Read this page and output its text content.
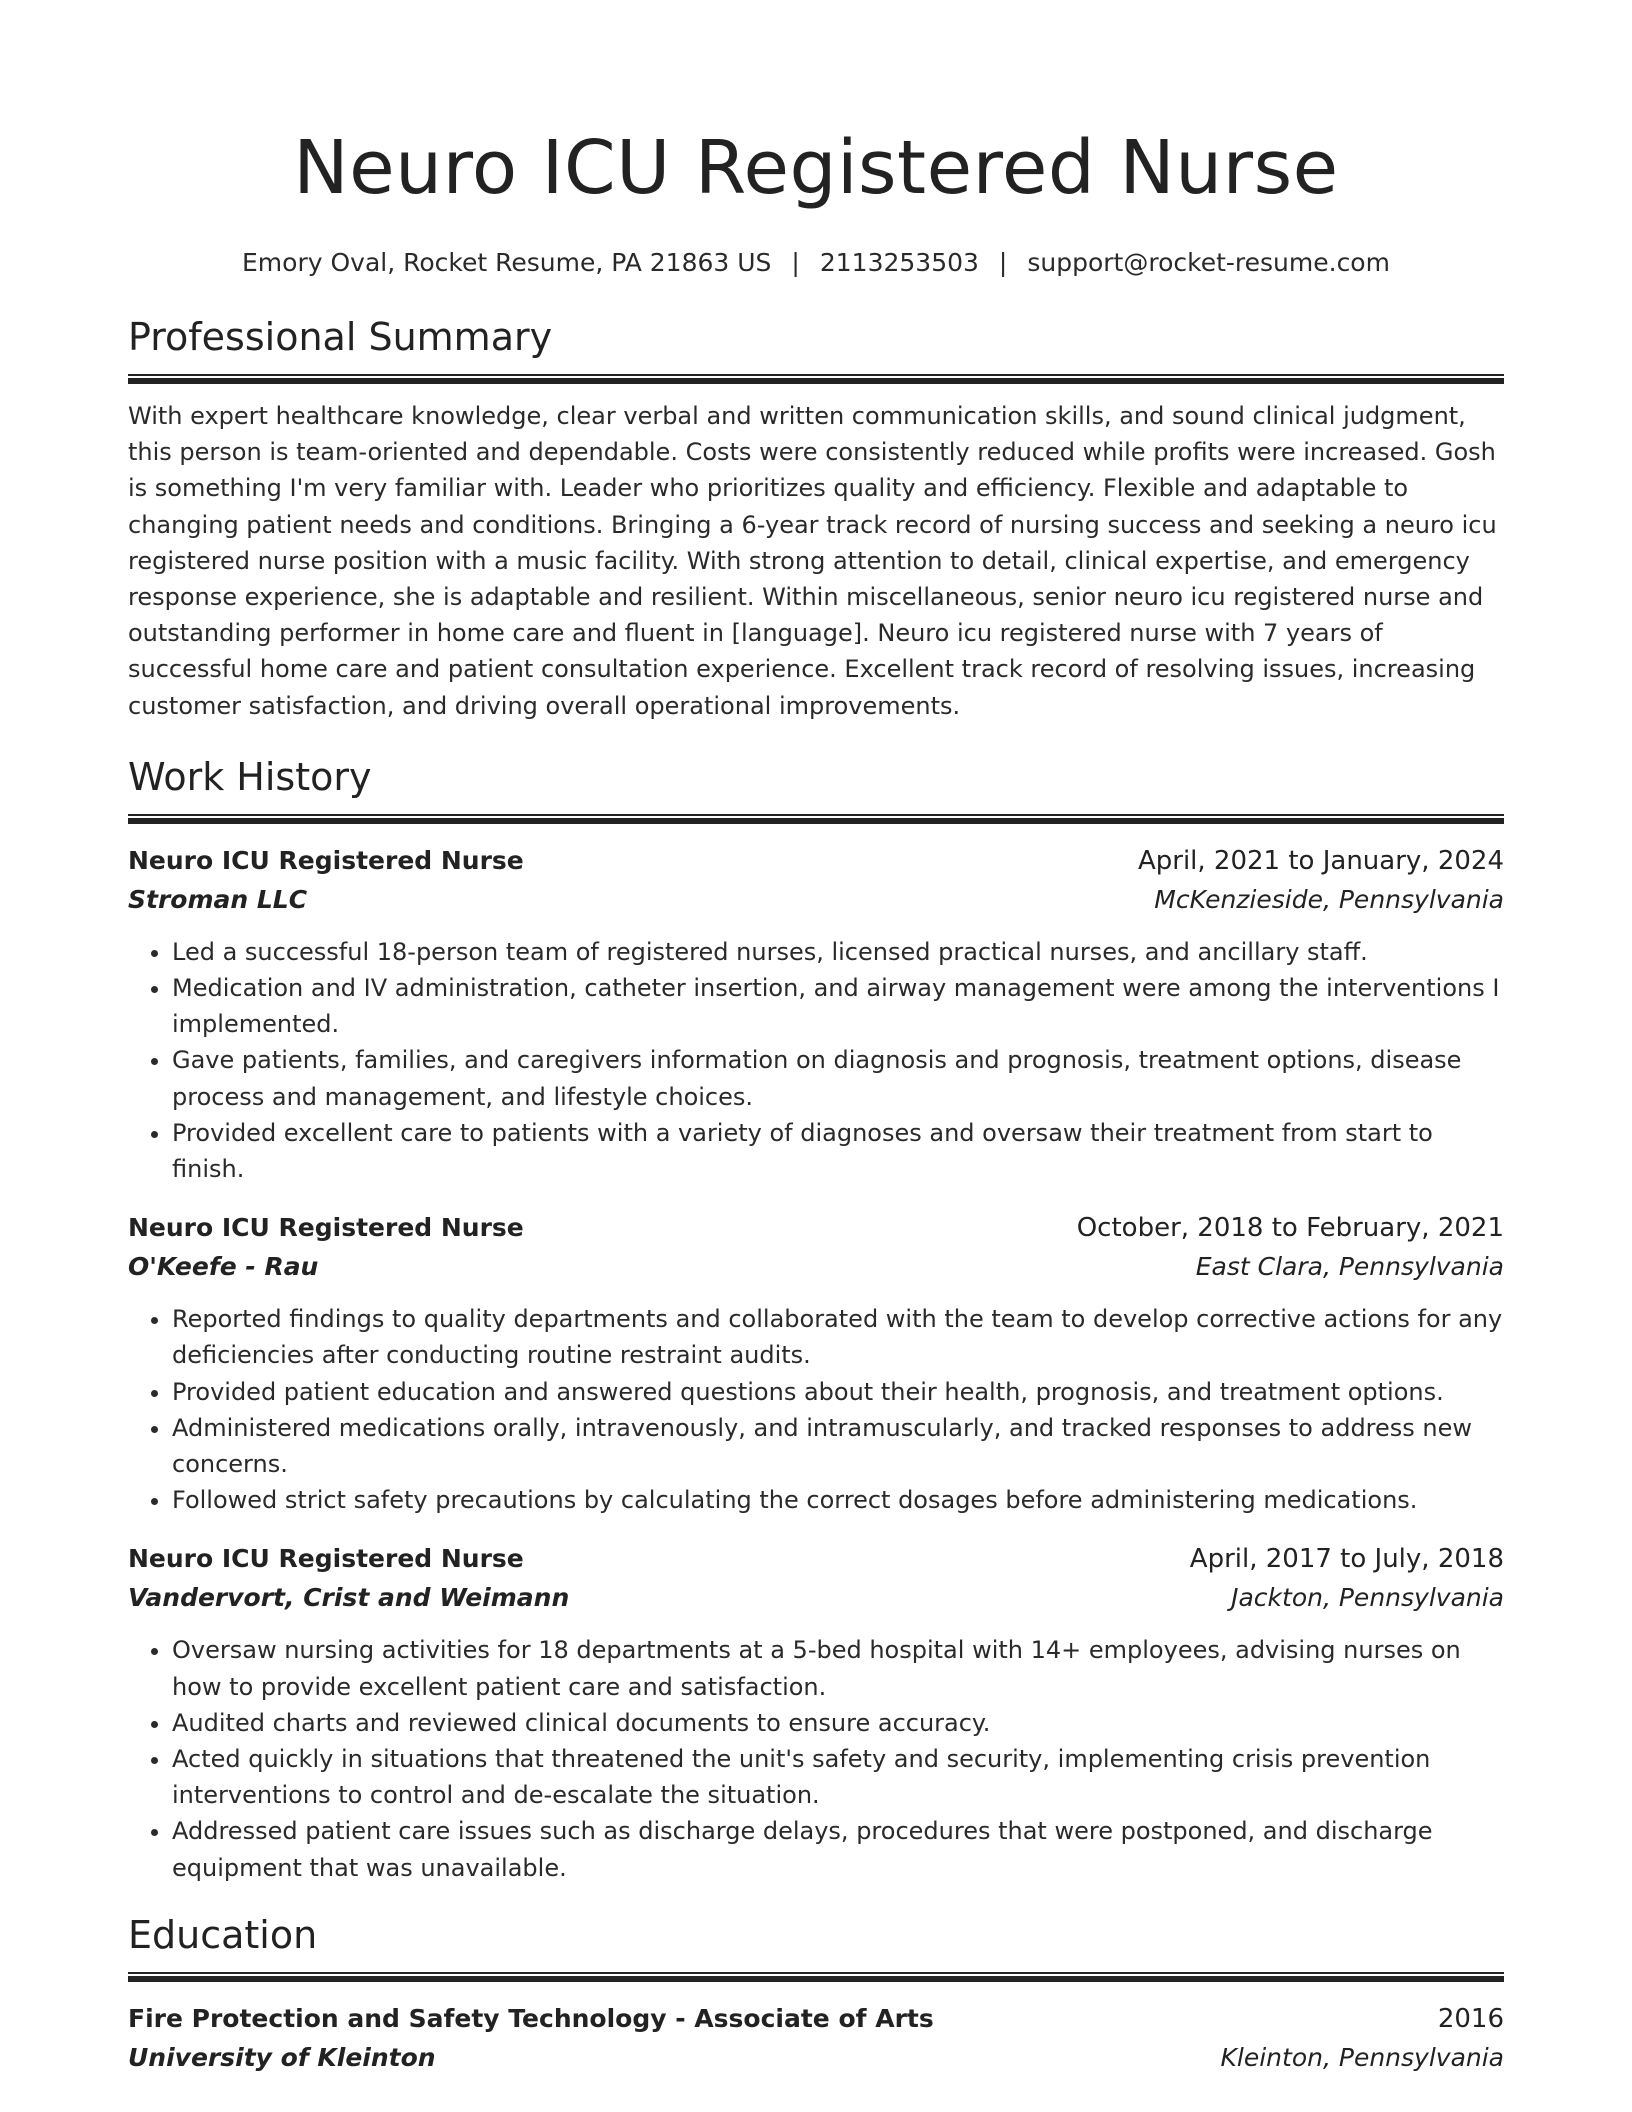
Neuro ICU Registered Nurse
Emory Oval, Rocket Resume, PA 21863 US | 2113253503 | support@rocket-resume.com
Professional Summary

With expert healthcare knowledge, clear verbal and written communication skills, and sound clinical judgment, this person is team-oriented and dependable. Costs were consistently reduced while profits were increased. Gosh is something I'm very familiar with. Leader who prioritizes quality and efficiency. Flexible and adaptable to changing patient needs and conditions. Bringing a 6-year track record of nursing success and seeking a neuro icu registered nurse position with a music facility. With strong attention to detail, clinical expertise, and emergency response experience, she is adaptable and resilient. Within miscellaneous, senior neuro icu registered nurse and outstanding performer in home care and fluent in [language]. Neuro icu registered nurse with 7 years of successful home care and patient consultation experience. Excellent track record of resolving issues, increasing customer satisfaction, and driving overall operational improvements.

Work History
Neuro ICU Registered Nurse	April, 2021 to January, 2024
Stroman LLC	McKenzieside, Pennsylvania
• Led a successful 18-person team of registered nurses, licensed practical nurses, and ancillary staff.
• Medication and IV administration, catheter insertion, and airway management were among the interventions I implemented.
• Gave patients, families, and caregivers information on diagnosis and prognosis, treatment options, disease process and management, and lifestyle choices.
• Provided excellent care to patients with a variety of diagnoses and oversaw their treatment from start to finish.
Neuro ICU Registered Nurse	October, 2018 to February, 2021
O'Keefe - Rau	East Clara, Pennsylvania
• Reported findings to quality departments and collaborated with the team to develop corrective actions for any deficiencies after conducting routine restraint audits.
• Provided patient education and answered questions about their health, prognosis, and treatment options.
• Administered medications orally, intravenously, and intramuscularly, and tracked responses to address new concerns.
• Followed strict safety precautions by calculating the correct dosages before administering medications.
Neuro ICU Registered Nurse	April, 2017 to July, 2018
Vandervort, Crist and Weimann	Jackton, Pennsylvania
• Oversaw nursing activities for 18 departments at a 5-bed hospital with 14+ employees, advising nurses on how to provide excellent patient care and satisfaction.
• Audited charts and reviewed clinical documents to ensure accuracy.
• Acted quickly in situations that threatened the unit's safety and security, implementing crisis prevention interventions to control and de-escalate the situation.
• Addressed patient care issues such as discharge delays, procedures that were postponed, and discharge equipment that was unavailable.
Education
Fire Protection and Safety Technology - Associate of Arts	2016
University of Kleinton	Kleinton, Pennsylvania
